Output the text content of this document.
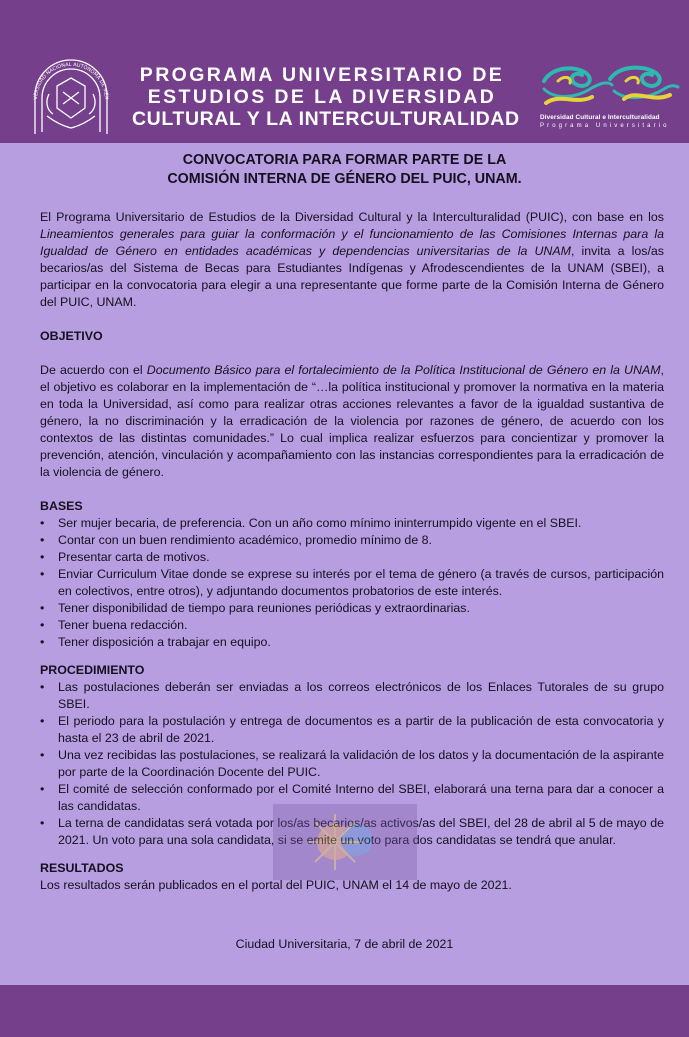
VERSIDAD NACIONAL AUTÓNOMA DE MÉX
PROGRAMA UNIVERSITARIO DE
ESTUDIOS DE LA DIVERSIDAD
CULTURAL Y LA INTERCULTURALIDAD	Diversidad Cultural e Interculturalidad
Programa Universitario
CONVOCATORIA PARA FORMAR PARTE DE LA
COMISIÓN INTERNA DE GÉNERO DEL PUIC, UNAM.

El Programa Universitario de Estudios de la Diversidad Cultural y la Interculturalidad (PUIC), con base en los Lineamientos generales para guiar la conformación y el funcionamiento de las Comisiones Internas para la Igualdad de Género en entidades académicas y dependencias universitarias de la UNAM, invita a los/as becarios/as del Sistema de Becas para Estudiantes Indígenas y Afrodescendientes de la UNAM (SBEI), a participar en la convocatoria para elegir a una representante que forme parte de la Comisión Interna de Género del PUIC, UNAM.

OBJETIVO

De acuerdo con el Documento Básico para el fortalecimiento de la Política Institucional de Género en la UNAM, el objetivo es colaborar en la implementación de “…la política institucional y promover la normativa en la materia en toda la Universidad, así como para realizar otras acciones relevantes a favor de la igualdad sustantiva de género, la no discriminación y la erradicación de la violencia por razones de género, de acuerdo con los contextos de las distintas comunidades.” Lo cual implica realizar esfuerzos para concientizar y promover la prevención, atención, vinculación y acompañamiento con las instancias correspondientes para la erradicación de la violencia de género.

BASES
• Ser mujer becaria, de preferencia. Con un año como mínimo ininterrumpido vigente en el SBEI.
• Contar con un buen rendimiento académico, promedio mínimo de 8.
• Presentar carta de motivos.
• Enviar Curriculum Vitae donde se exprese su interés por el tema de género (a través de cursos, participación en colectivos, entre otros), y adjuntando documentos probatorios de este interés.
• Tener disponibilidad de tiempo para reuniones periódicas y extraordinarias.
• Tener buena redacción.
• Tener disposición a trabajar en equipo.
PROCEDIMIENTO
• Las postulaciones deberán ser enviadas a los correos electrónicos de los Enlaces Tutorales de su grupo SBEI.
• El periodo para la postulación y entrega de documentos es a partir de la publicación de esta convocatoria y hasta el 23 de abril de 2021.
• Una vez recibidas las postulaciones, se realizará la validación de los datos y la documentación de la aspirante por parte de la Coordinación Docente del PUIC.
• El comité de selección conformado por el Comité Interno del SBEI, elaborará una terna para dar a conocer a las candidatas.
• La terna de candidatas será votada por los/as becarios/as activos/as del SBEI, del 28 de abril al 5 de mayo de 2021. Un voto para una sola candidata, si se emite un voto para dos candidatas se tendrá que anular.
RESULTADOS

Los resultados serán publicados en el portal del PUIC, UNAM el 14 de mayo de 2021.

Ciudad Universitaria, 7 de abril de 2021
